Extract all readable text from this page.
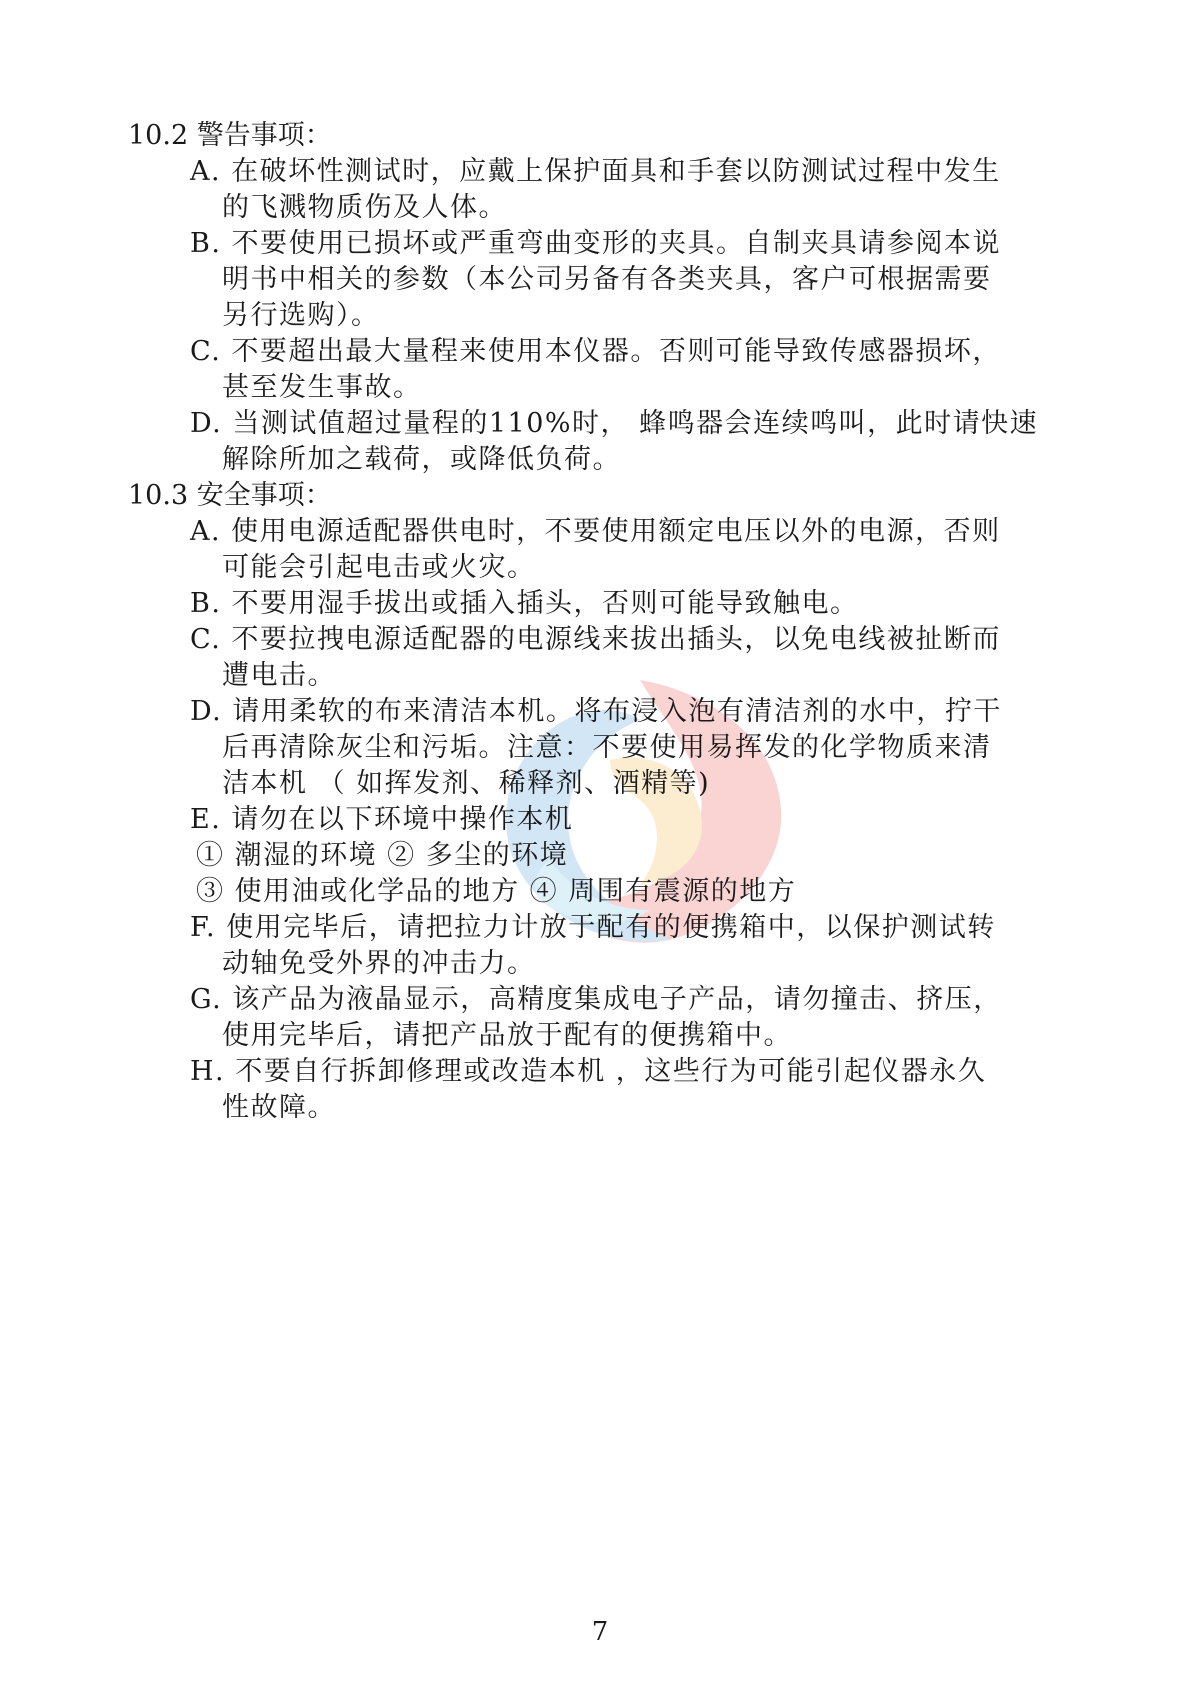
10.2 警告事项：
A. 在破坏性测试时，应戴上保护面具和手套以防测试过程中发生
的飞溅物质伤及人体。
B. 不要使用已损坏或严重弯曲变形的夹具。自制夹具请参阅本说
明书中相关的参数（本公司另备有各类夹具，客户可根据需要
另行选购）。
C. 不要超出最大量程来使用本仪器。否则可能导致传感器损坏，
甚至发生事故。
D. 当测试值超过量程的110%时， 蜂鸣器会连续鸣叫，此时请快速
解除所加之载荷，或降低负荷。
10.3 安全事项：
A. 使用电源适配器供电时，不要使用额定电压以外的电源，否则
可能会引起电击或火灾。
B. 不要用湿手拔出或插入插头，否则可能导致触电。
C. 不要拉拽电源适配器的电源线来拔出插头，以免电线被扯断而
遭电击。
D. 请用柔软的布来清洁本机。将布浸入泡有清洁剂的水中，拧干
后再清除灰尘和污垢。注意：不要使用易挥发的化学物质来清
洁本机 （ 如挥发剂、稀释剂、酒精等)
E. 请勿在以下环境中操作本机
① 潮湿的环境 ② 多尘的环境
③ 使用油或化学品的地方 ④ 周围有震源的地方
F. 使用完毕后，请把拉力计放于配有的便携箱中，以保护测试转
动轴免受外界的冲击力。
G. 该产品为液晶显示，高精度集成电子产品，请勿撞击、挤压，
使用完毕后，请把产品放于配有的便携箱中。
H. 不要自行拆卸修理或改造本机 ，这些行为可能引起仪器永久
性故障。
7
